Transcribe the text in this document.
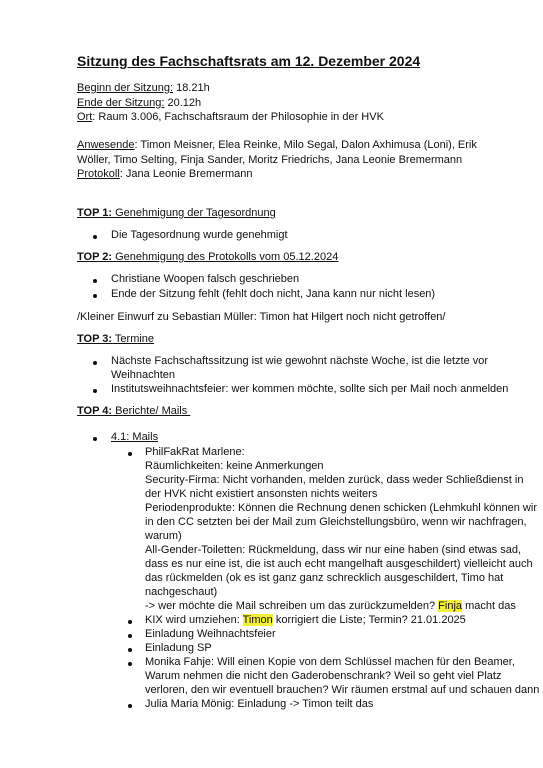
Sitzung des Fachschaftsrats am 12. Dezember 2024
Beginn der Sitzung: 18.21h
Ende der Sitzung: 20.12h
Ort: Raum 3.006, Fachschaftsraum der Philosophie in der HVK
Anwesende: Timon Meisner, Elea Reinke, Milo Segal, Dalon Axhimusa (Loni), Erik
Wöller, Timo Selting, Finja Sander, Moritz Friedrichs, Jana Leonie Bremermann
Protokoll: Jana Leonie Bremermann
TOP 1: Genehmigung der Tagesordnung
Die Tagesordnung wurde genehmigt
TOP 2: Genehmigung des Protokolls vom 05.12.2024
Christiane Woopen falsch geschrieben
Ende der Sitzung fehlt (fehlt doch nicht, Jana kann nur nicht lesen)
/Kleiner Einwurf zu Sebastian Müller: Timon hat Hilgert noch nicht getroffen/
TOP 3: Termine
Nächste Fachschaftssitzung ist wie gewohnt nächste Woche, ist die letzte vor
Weihnachten
Institutsweihnachtsfeier: wer kommen möchte, sollte sich per Mail noch anmelden
TOP 4: Berichte/ Mails
4.1: Mails
PhilFakRat Marlene:
Räumlichkeiten: keine Anmerkungen
Security-Firma: Nicht vorhanden, melden zurück, dass weder Schließdienst in
der HVK nicht existiert ansonsten nichts weiters
Periodenprodukte: Können die Rechnung denen schicken (Lehmkuhl können wir
in den CC setzten bei der Mail zum Gleichstellungsbüro, wenn wir nachfragen,
warum)
All-Gender-Toiletten: Rückmeldung, dass wir nur eine haben (sind etwas sad,
dass es nur eine ist, die ist auch echt mangelhaft ausgeschildert) vielleicht auch
das rückmelden (ok es ist ganz ganz schrecklich ausgeschildert, Timo hat
nachgeschaut)
-> wer möchte die Mail schreiben um das zurückzumelden? Finja macht das
KIX wird umziehen: Timon korrigiert die Liste; Termin? 21.01.2025
Einladung Weihnachtsfeier
Einladung SP
Monika Fahje: Will einen Kopie von dem Schlüssel machen für den Beamer,
Warum nehmen die nicht den Gaderobenschrank? Weil so geht viel Platz
verloren, den wir eventuell brauchen? Wir räumen erstmal auf und schauen dann
Julia Maria Mönig: Einladung -> Timon teilt das
